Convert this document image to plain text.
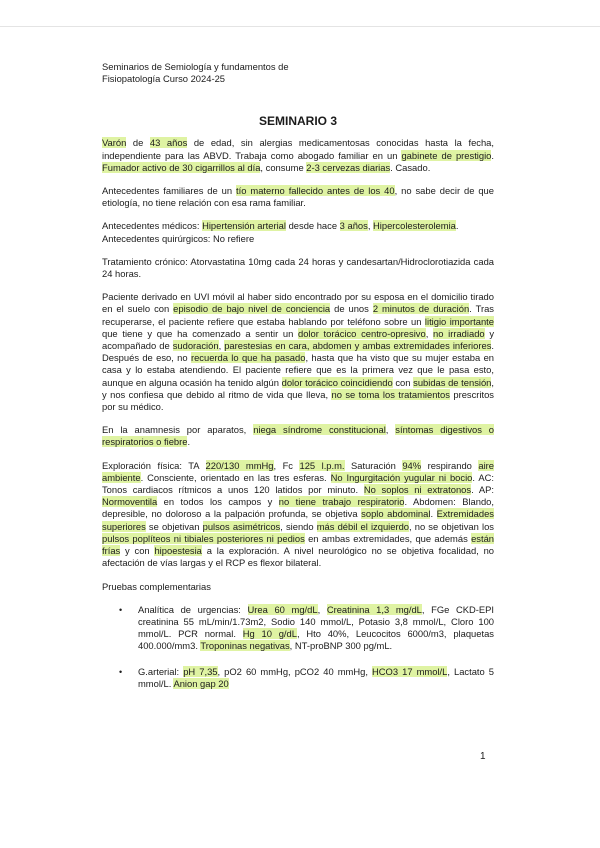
Seminarios de Semiología y fundamentos de
Fisiopatología Curso 2024-25
SEMINARIO 3

Varón de 43 años de edad, sin alergias medicamentosas conocidas hasta la fecha, independiente para las ABVD. Trabaja como abogado familiar en un gabinete de prestigio. Fumador activo de 30 cigarrillos al día, consume 2-3 cervezas diarias. Casado.

Antecedentes familiares de un tío materno fallecido antes de los 40, no sabe decir de que etiología, no tiene relación con esa rama familiar.

Antecedentes médicos: Hipertensión arterial desde hace 3 años, Hipercolesterolemia.

Antecedentes quirúrgicos: No refiere

Tratamiento crónico: Atorvastatina 10mg cada 24 horas y candesartan/Hidroclorotiazida cada 24 horas.

Paciente derivado en UVI móvil al haber sido encontrado por su esposa en el domicilio tirado en el suelo con episodio de bajo nivel de conciencia de unos 2 minutos de duración. Tras recuperarse, el paciente refiere que estaba hablando por teléfono sobre un litigio importante que tiene y que ha comenzado a sentir un dolor torácico centro-opresivo, no irradiado y acompañado de sudoración, parestesias en cara, abdomen y ambas extremidades inferiores. Después de eso, no recuerda lo que ha pasado, hasta que ha visto que su mujer estaba en casa y lo estaba atendiendo. El paciente refiere que es la primera vez que le pasa esto, aunque en alguna ocasión ha tenido algún dolor torácico coincidiendo con subidas de tensión, y nos confiesa que debido al ritmo de vida que lleva, no se toma los tratamientos prescritos por su médico.

En la anamnesis por aparatos, niega síndrome constitucional, síntomas digestivos o respiratorios o fiebre.

Exploración física: TA 220/130 mmHg, Fc 125 l.p.m. Saturación 94% respirando aire ambiente. Consciente, orientado en las tres esferas. No Ingurgitación yugular ni bocio. AC: Tonos cardiacos rítmicos a unos 120 latidos por minuto. No soplos ni extratonos. AP: Normoventila en todos los campos y no tiene trabajo respiratorio. Abdomen: Blando, depresible, no doloroso a la palpación profunda, se objetiva soplo abdominal. Extremidades superiores se objetivan pulsos asimétricos, siendo más débil el izquierdo, no se objetivan los pulsos poplíteos ni tibiales posteriores ni pedios en ambas extremidades, que además están frías y con hipoestesia a la exploración. A nivel neurológico no se objetiva focalidad, no afectación de vías largas y el RCP es flexor bilateral.

Pruebas complementarias

• Analítica de urgencias: Urea 60 mg/dL, Creatinina 1,3 mg/dL, FGe CKD-EPI creatinina 55 mL/min/1.73m2, Sodio 140 mmol/L, Potasio 3,8 mmol/L, Cloro 100 mmol/L. PCR normal. Hg 10 g/dL, Hto 40%, Leucocitos 6000/m3, plaquetas 400.000/mm3. Troponinas negativas, NT-proBNP 300 pg/mL.
• G.arterial: pH 7,35, pO2 60 mmHg, pCO2 40 mmHg, HCO3 17 mmol/L, Lactato 5 mmol/L. Anion gap 20
1
